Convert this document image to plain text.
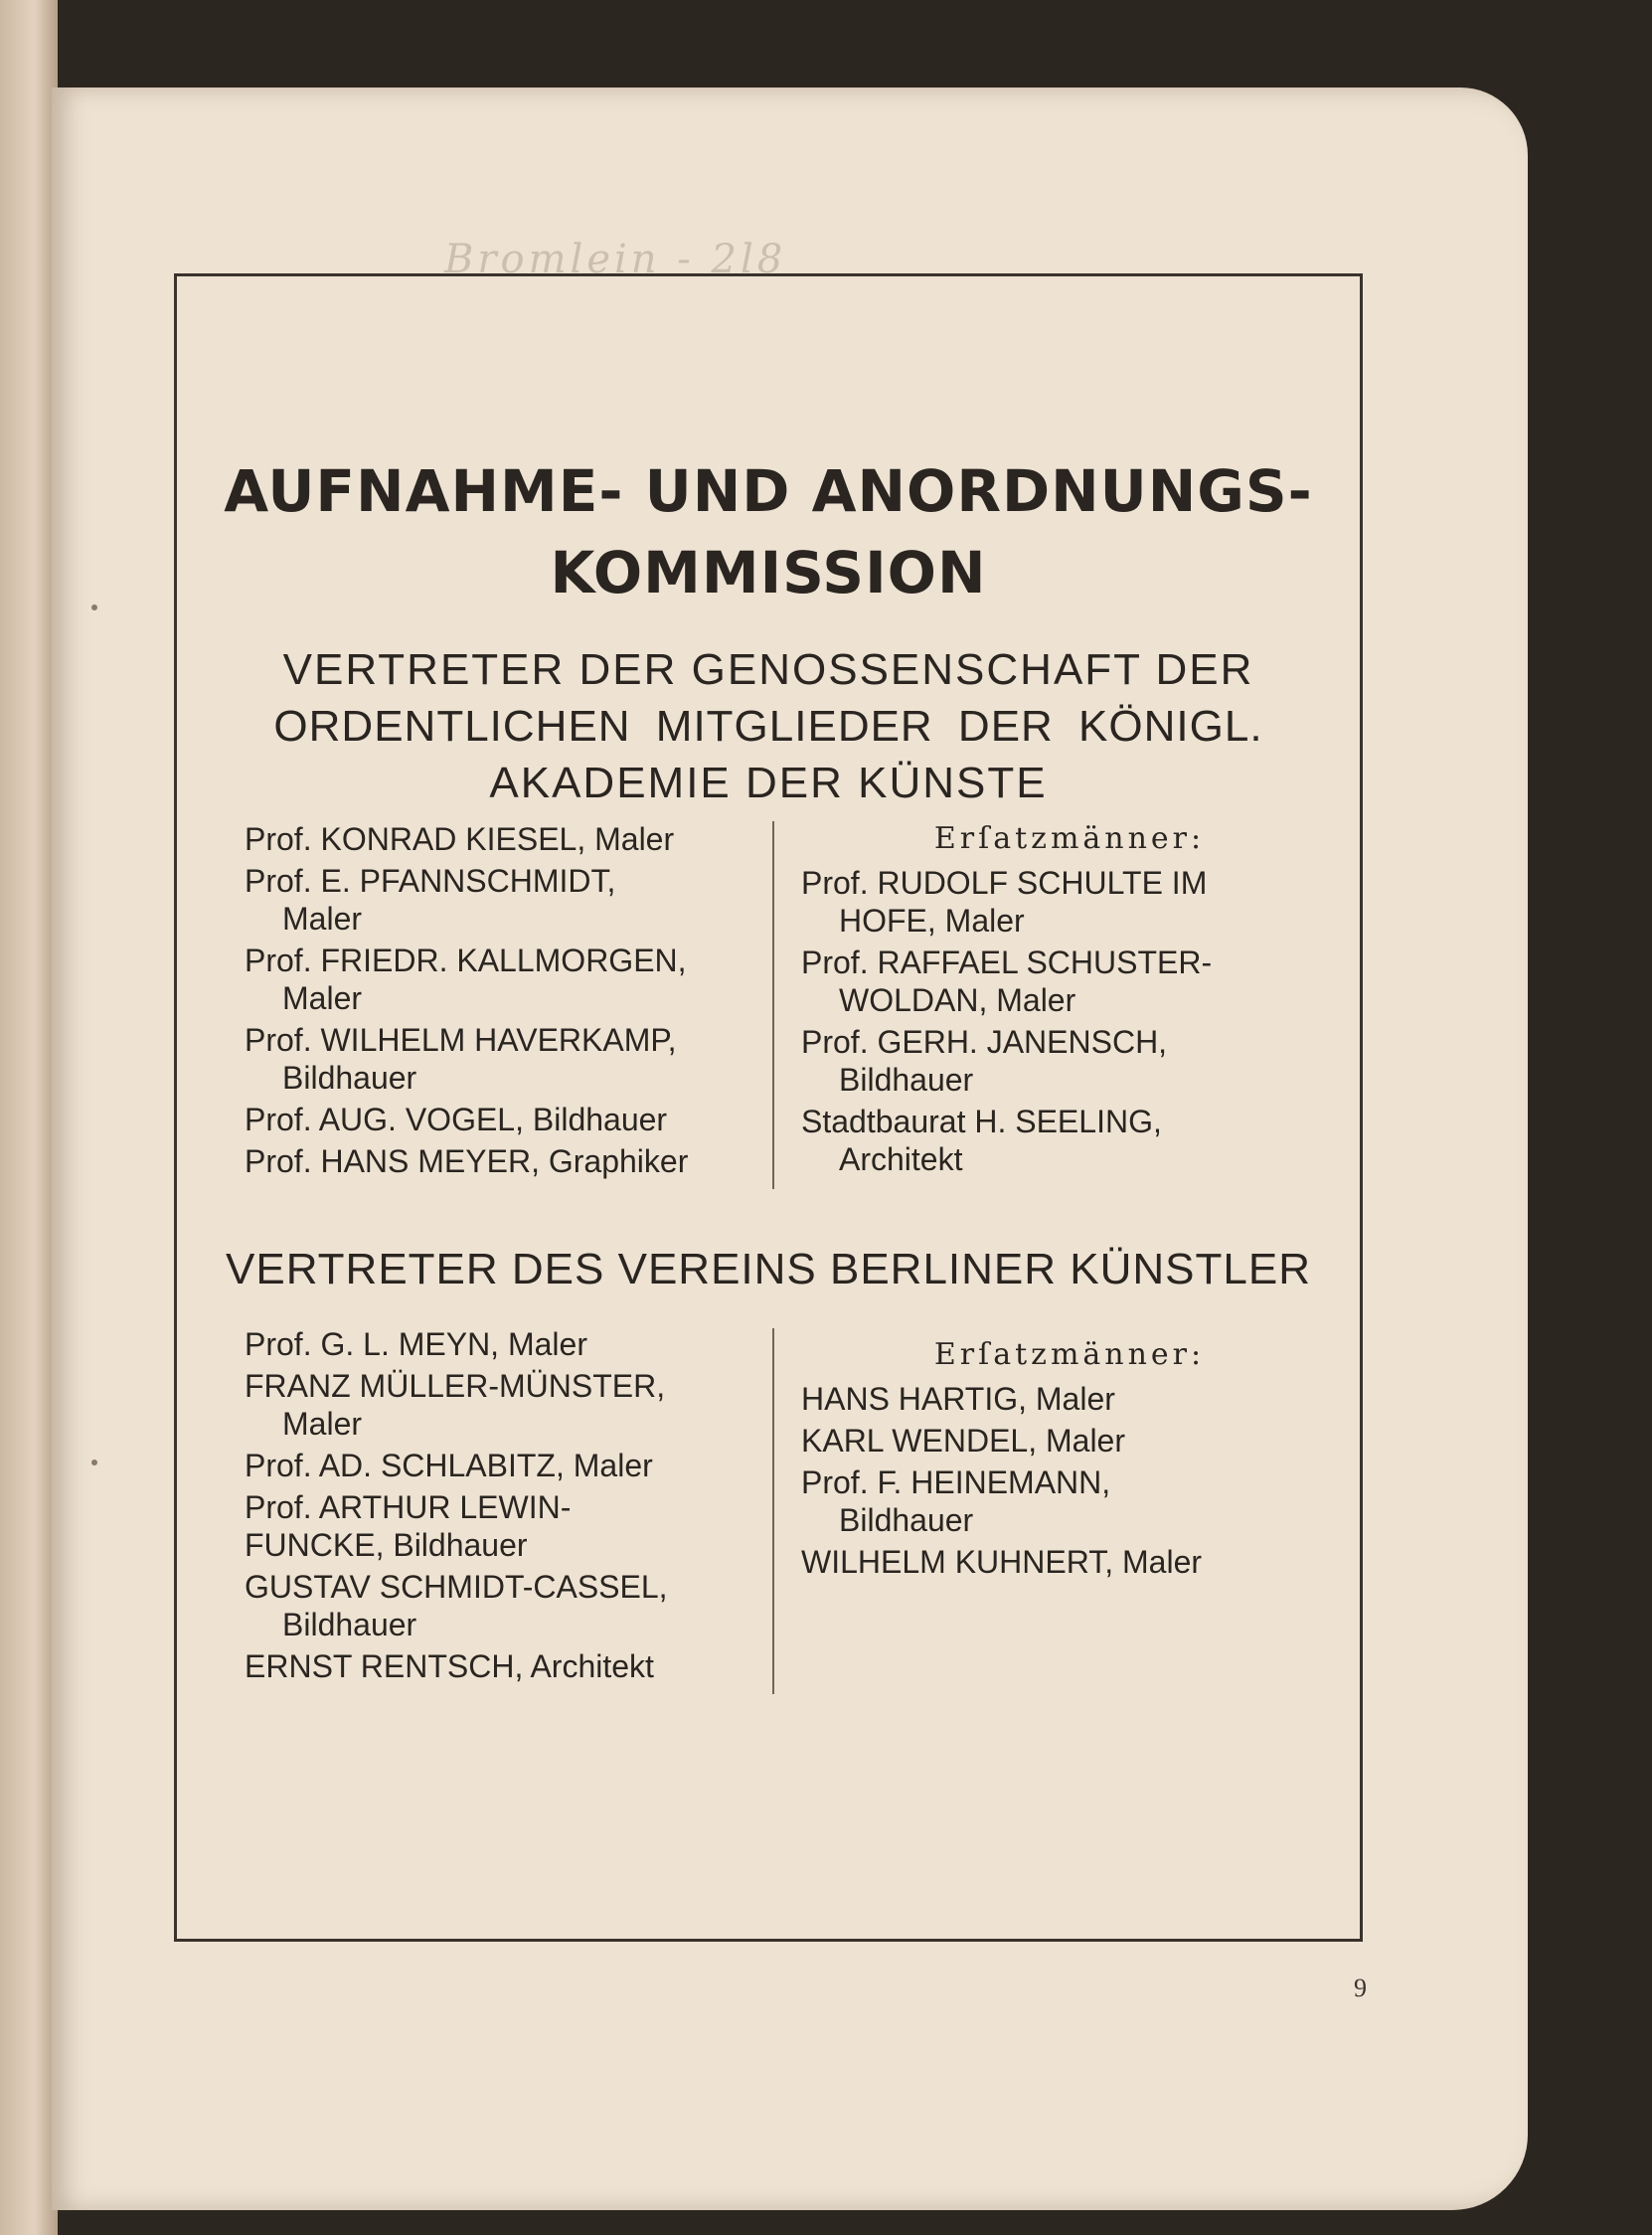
Bromlein - 2l8
AUFNAHME- UND ANORDNUNGS-
KOMMISSION
VERTRETER DER GENOSSENSCHAFT DER
ORDENTLICHEN MITGLIEDER DER KÖNIGL.
AKADEMIE DER KÜNSTE
Prof. KONRAD KIESEL, Maler
Prof. E. PFANNSCHMIDT,
Maler
Prof. FRIEDR. KALLMORGEN,
Maler
Prof. WILHELM HAVERKAMP,
Bildhauer
Prof. AUG. VOGEL, Bildhauer
Prof. HANS MEYER, Graphiker
Erſatzmänner:
Prof. RUDOLF SCHULTE IM
HOFE, Maler
Prof. RAFFAEL SCHUSTER-
WOLDAN, Maler
Prof. GERH. JANENSCH,
Bildhauer
Stadtbaurat H. SEELING,
Architekt
VERTRETER DES VEREINS BERLINER KÜNSTLER
Prof. G. L. MEYN, Maler
FRANZ MÜLLER-MÜNSTER,
Maler
Prof. AD. SCHLABITZ, Maler
Prof. ARTHUR LEWIN-
FUNCKE, Bildhauer
GUSTAV SCHMIDT-CASSEL,
Bildhauer
ERNST RENTSCH, Architekt
Erſatzmänner:
HANS HARTIG, Maler
KARL WENDEL, Maler
Prof. F. HEINEMANN,
Bildhauer
WILHELM KUHNERT, Maler
9
